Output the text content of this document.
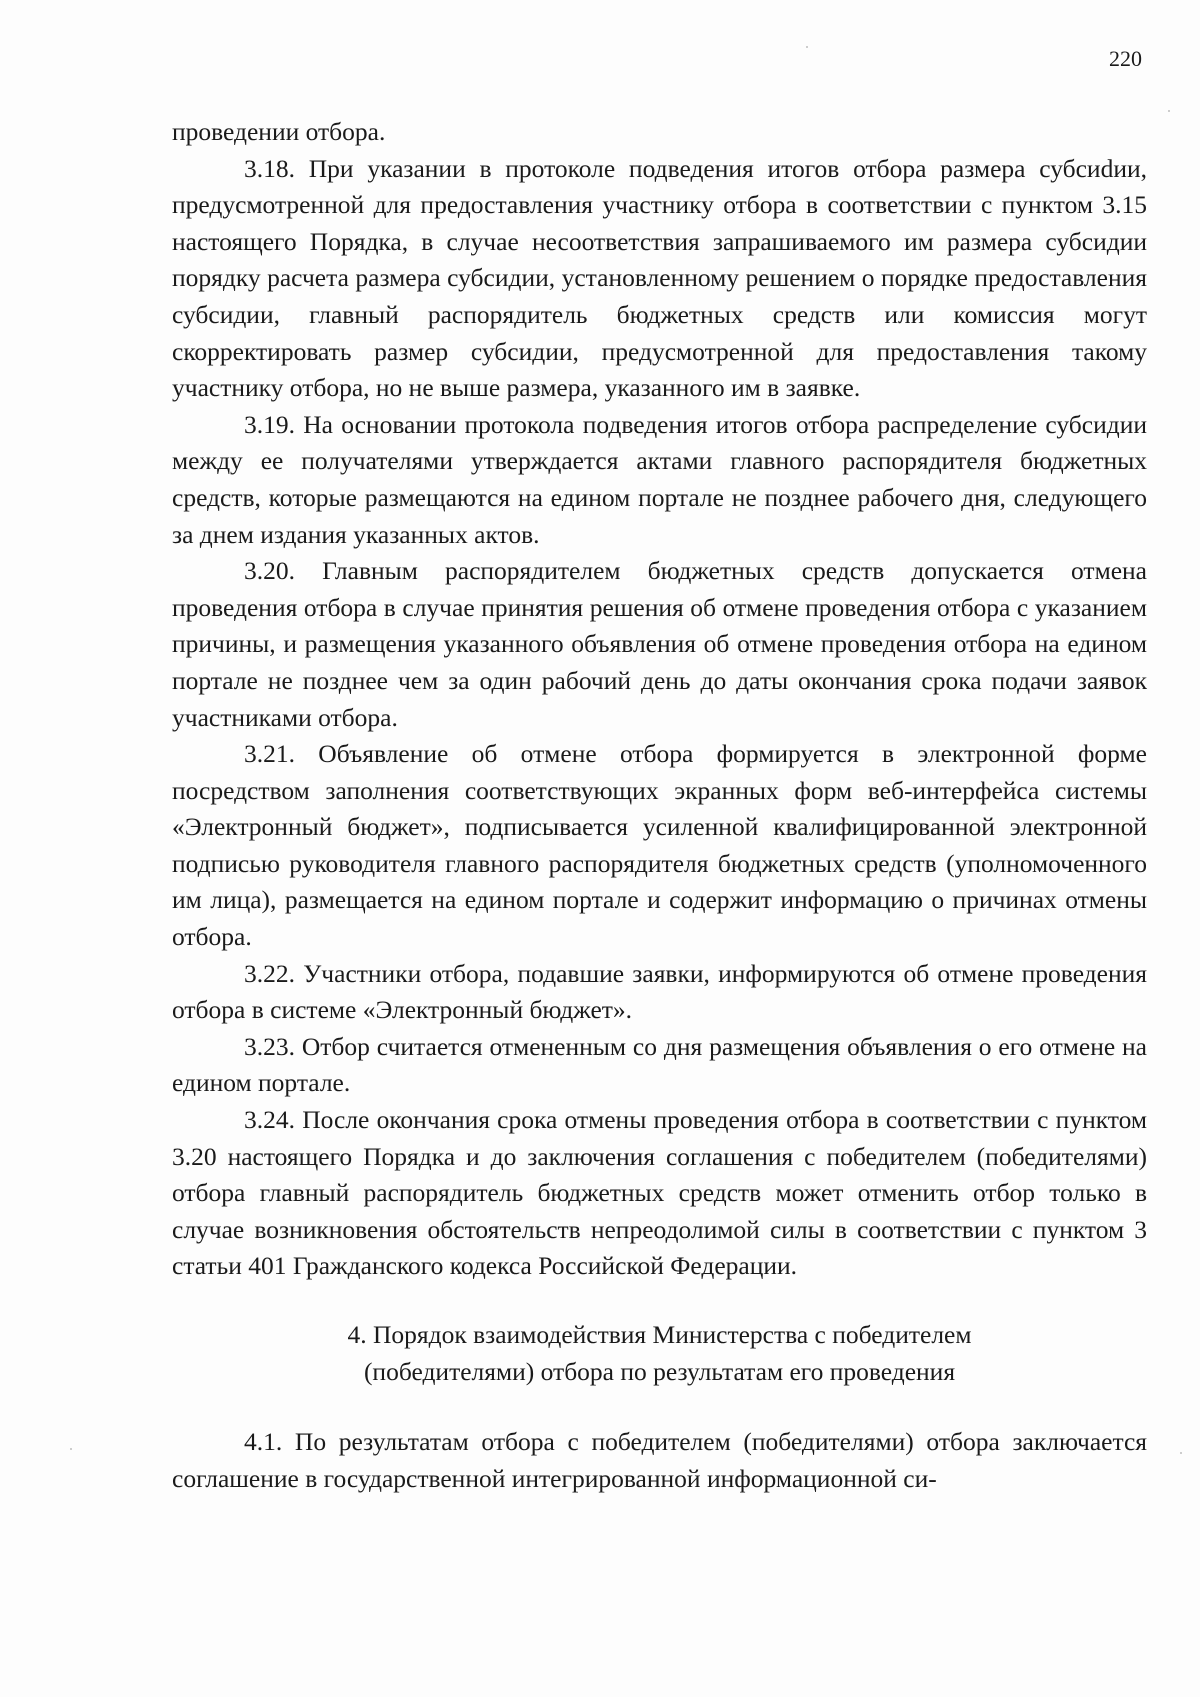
220

проведении отбора.

3.18. При указании в протоколе подведения итогов отбора размера субсиdии, предусмотренной для предоставления участнику отбора в соответствии с пунктом 3.15 настоящего Порядка, в случае несоответствия запрашиваемого им размера субсидии порядку расчета размера субсидии, установленному решением о порядке предоставления субсидии, главный распорядитель бюджетных средств или комиссия могут скорректировать размер субсидии, предусмотренной для предоставления такому участнику отбора, но не выше размера, указанного им в заявке.

3.19. На основании протокола подведения итогов отбора распределение субсидии между ее получателями утверждается актами главного распорядителя бюджетных средств, которые размещаются на едином портале не позднее рабочего дня, следующего за днем издания указанных актов.

3.20. Главным распорядителем бюджетных средств допускается отмена проведения отбора в случае принятия решения об отмене проведения отбора с указанием причины, и размещения указанного объявления об отмене проведения отбора на едином портале не позднее чем за один рабочий день до даты окончания срока подачи заявок участниками отбора.

3.21. Объявление об отмене отбора формируется в электронной форме посредством заполнения соответствующих экранных форм веб-интерфейса системы «Электронный бюджет», подписывается усиленной квалифицированной электронной подписью руководителя главного распорядителя бюджетных средств (уполномоченного им лица), размещается на едином портале и содержит информацию о причинах отмены отбора.

3.22. Участники отбора, подавшие заявки, информируются об отмене проведения отбора в системе «Электронный бюджет».

3.23. Отбор считается отмененным со дня размещения объявления о его отмене на едином портале.

3.24. После окончания срока отмены проведения отбора в соответствии с пунктом 3.20 настоящего Порядка и до заключения соглашения с победителем (победителями) отбора главный распорядитель бюджетных средств может отменить отбор только в случае возникновения обстоятельств непреодолимой силы в соответствии с пунктом 3 статьи 401 Гражданского кодекса Российской Федерации.

4. Порядок взаимодействия Министерства с победителем
(победителями) отбора по результатам его проведения

4.1. По результатам отбора с победителем (победителями) отбора заключается соглашение в государственной интегрированной информационной си-
